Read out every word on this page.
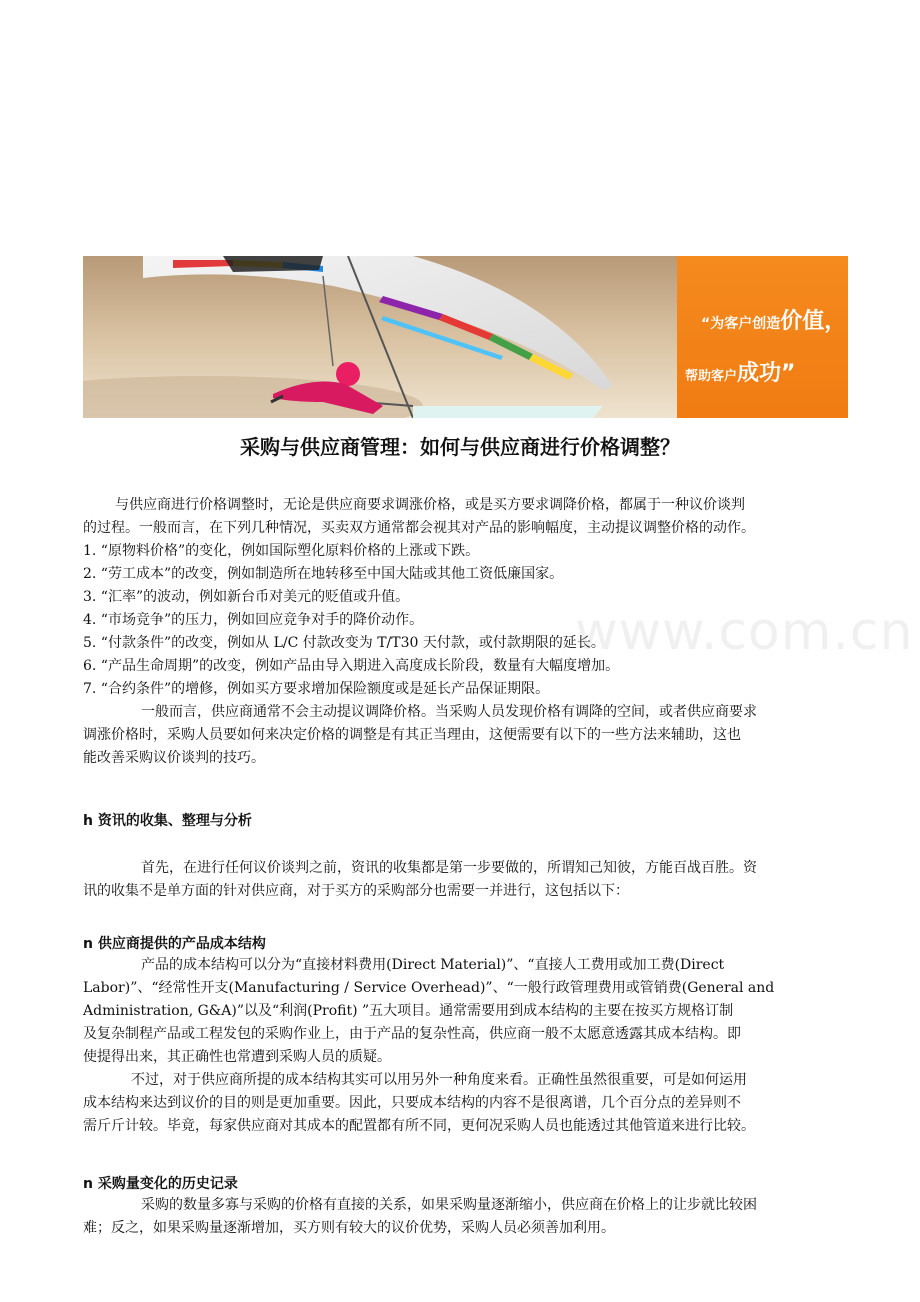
“为客户创造价值，
帮助客户成功”
www.com.cn
采购与供应商管理：如何与供应商进行价格调整？
与供应商进行价格调整时，无论是供应商要求调涨价格，或是买方要求调降价格，都属于一种议价谈判
的过程。一般而言，在下列几种情况，买卖双方通常都会视其对产品的影响幅度，主动提议调整价格的动作。
1. “原物料价格”的变化，例如国际塑化原料价格的上涨或下跌。
2. “劳工成本”的改变，例如制造所在地转移至中国大陆或其他工资低廉国家。
3. “汇率”的波动，例如新台币对美元的贬值或升值。
4. “市场竞争”的压力，例如回应竞争对手的降价动作。
5. “付款条件”的改变，例如从 L/C 付款改变为 T/T30 天付款，或付款期限的延长。
6. “产品生命周期”的改变，例如产品由导入期进入高度成长阶段，数量有大幅度增加。
7. “合约条件”的增修，例如买方要求增加保险额度或是延长产品保证期限。
一般而言，供应商通常不会主动提议调降价格。当采购人员发现价格有调降的空间，或者供应商要求
调涨价格时，采购人员要如何来决定价格的调整是有其正当理由，这便需要有以下的一些方法来辅助，这也
能改善采购议价谈判的技巧。
h 资讯的收集、整理与分析
首先，在进行任何议价谈判之前，资讯的收集都是第一步要做的，所谓知己知彼，方能百战百胜。资
讯的收集不是单方面的针对供应商，对于买方的采购部分也需要一并进行，这包括以下：
n 供应商提供的产品成本结构
产品的成本结构可以分为“直接材料费用(Direct Material)”、“直接人工费用或加工费(Direct
Labor)”、“经常性开支(Manufacturing / Service Overhead)”、“一般行政管理费用或管销费(General and
Administration, G&A)”以及“利润(Profit) ”五大项目。通常需要用到成本结构的主要在按买方规格订制
及复杂制程产品或工程发包的采购作业上，由于产品的复杂性高，供应商一般不太愿意透露其成本结构。即
使提得出来，其正确性也常遭到采购人员的质疑。
不过，对于供应商所提的成本结构其实可以用另外一种角度来看。正确性虽然很重要，可是如何运用
成本结构来达到议价的目的则是更加重要。因此，只要成本结构的内容不是很离谱，几个百分点的差异则不
需斤斤计较。毕竟，每家供应商对其成本的配置都有所不同，更何况采购人员也能透过其他管道来进行比较。
n 采购量变化的历史记录
采购的数量多寡与采购的价格有直接的关系，如果采购量逐渐缩小，供应商在价格上的让步就比较困
难；反之，如果采购量逐渐增加，买方则有较大的议价优势，采购人员必须善加利用。
